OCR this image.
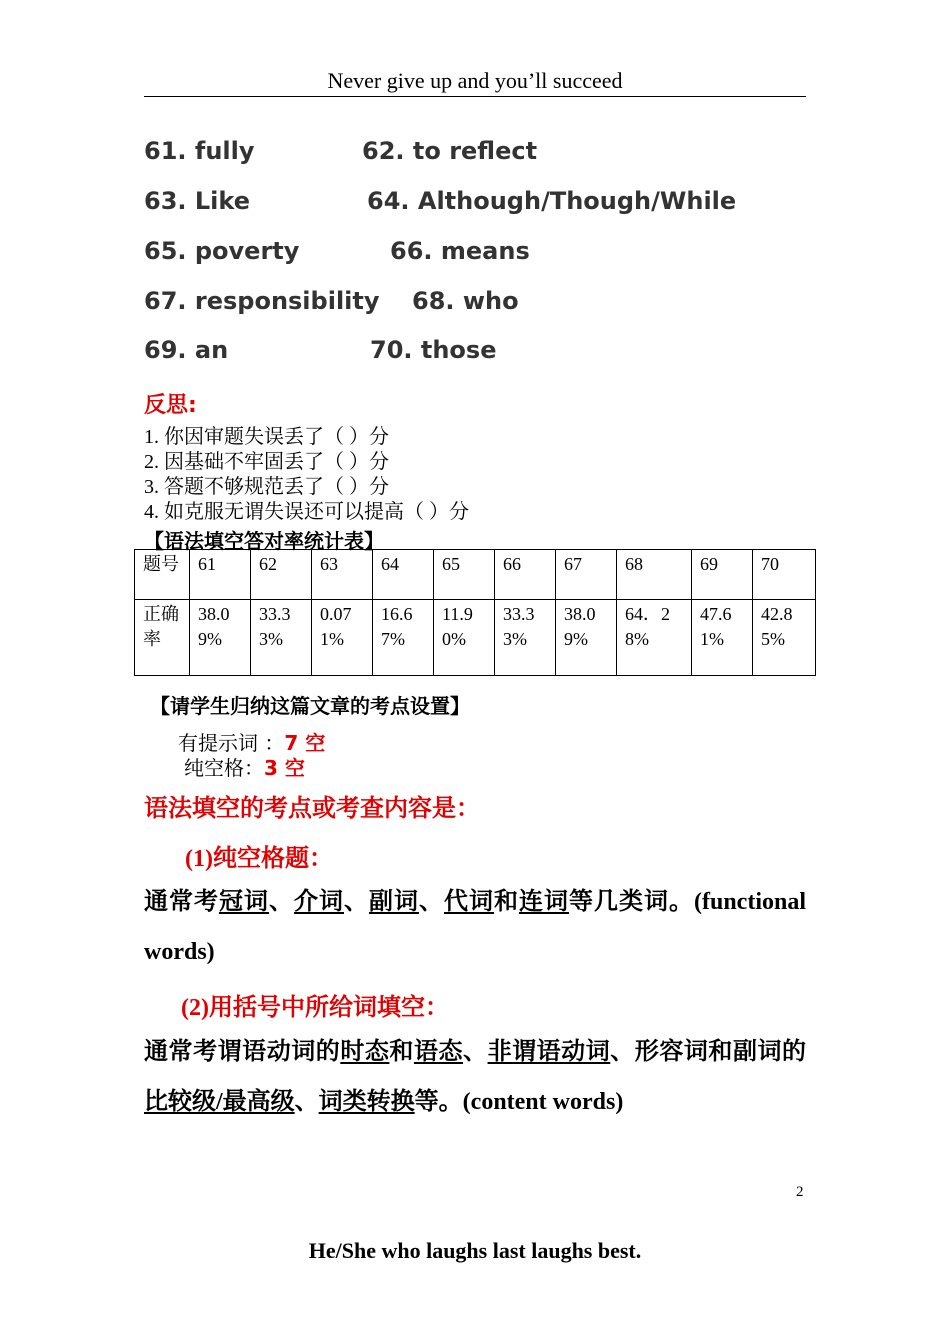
Never give up and you’ll succeed
61. fully	62. to reflect
63. Like	64. Although/Though/While
65. poverty	66. means
67. responsibility 68. who
69. an	70. those
反思:
1. 你因审题失误丢了（ ）分
2. 因基础不牢固丢了（ ）分
3. 答题不够规范丢了（ ）分
4. 如克服无谓失误还可以提高（ ）分
【语法填空答对率统计表】
题号	61	62	63	64	65	66	67	68	69	70
正确率	38.09%	33.33%	0.071%	16.67%	11.90%	33.33%	38.09%	64．28%	47.61%	42.85%
【请学生归纳这篇文章的考点设置】
有提示词 ：7 空
纯空格：3 空
语法填空的考点或考查内容是：
(1)纯空格题：
通常考冠词、介词、副词、代词和连词等几类词。(functional words)
(2)用括号中所给词填空：
通常考谓语动词的时态和语态、非谓语动词、形容词和副词的比较级/最高级、词类转换等。(content words)
2
He/She who laughs last laughs best.
